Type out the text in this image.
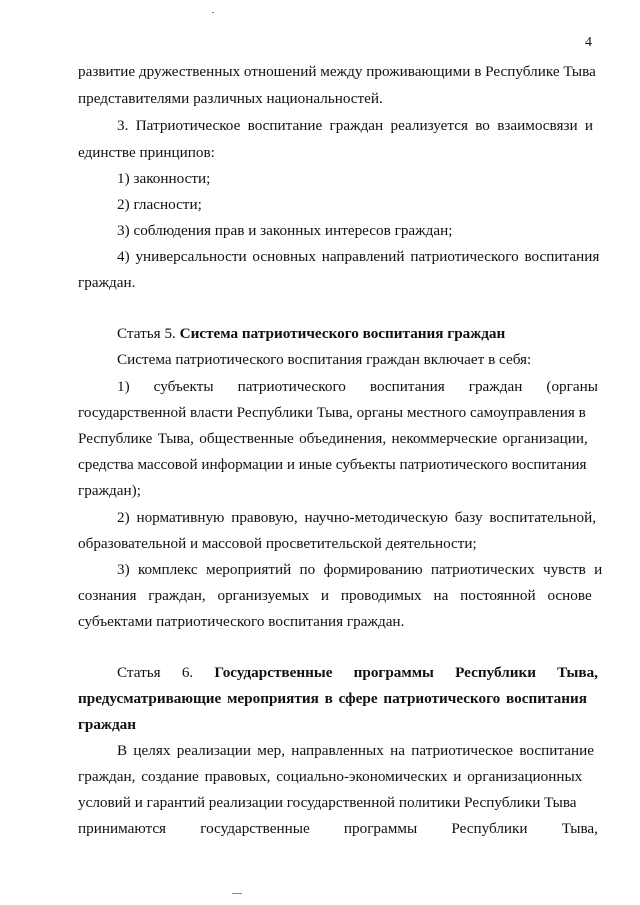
4
развитие дружественных отношений между проживающими в Республике Тыва
представителями различных национальностей.
3. Патриотическое воспитание граждан реализуется во взаимосвязи и
единстве принципов:
1) законности;
2) гласности;
3) соблюдения прав и законных интересов граждан;
4) универсальности основных направлений патриотического воспитания
граждан.
Статья 5. Система патриотического воспитания граждан
Система патриотического воспитания граждан включает в себя:
1) субъекты патриотического воспитания граждан (органы
государственной власти Республики Тыва, органы местного самоуправления в
Республике Тыва, общественные объединения, некоммерческие организации,
средства массовой информации и иные субъекты патриотического воспитания
граждан);
2) нормативную правовую, научно-методическую базу воспитательной,
образовательной и массовой просветительской деятельности;
3) комплекс мероприятий по формированию патриотических чувств и
сознания граждан, организуемых и проводимых на постоянной основе
субъектами патриотического воспитания граждан.
Статья 6. Государственные программы Республики Тыва,
предусматривающие мероприятия в сфере патриотического воспитания
граждан
В целях реализации мер, направленных на патриотическое воспитание
граждан, создание правовых, социально-экономических и организационных
условий и гарантий реализации государственной политики Республики Тыва
принимаются государственные программы Республики Тыва,
